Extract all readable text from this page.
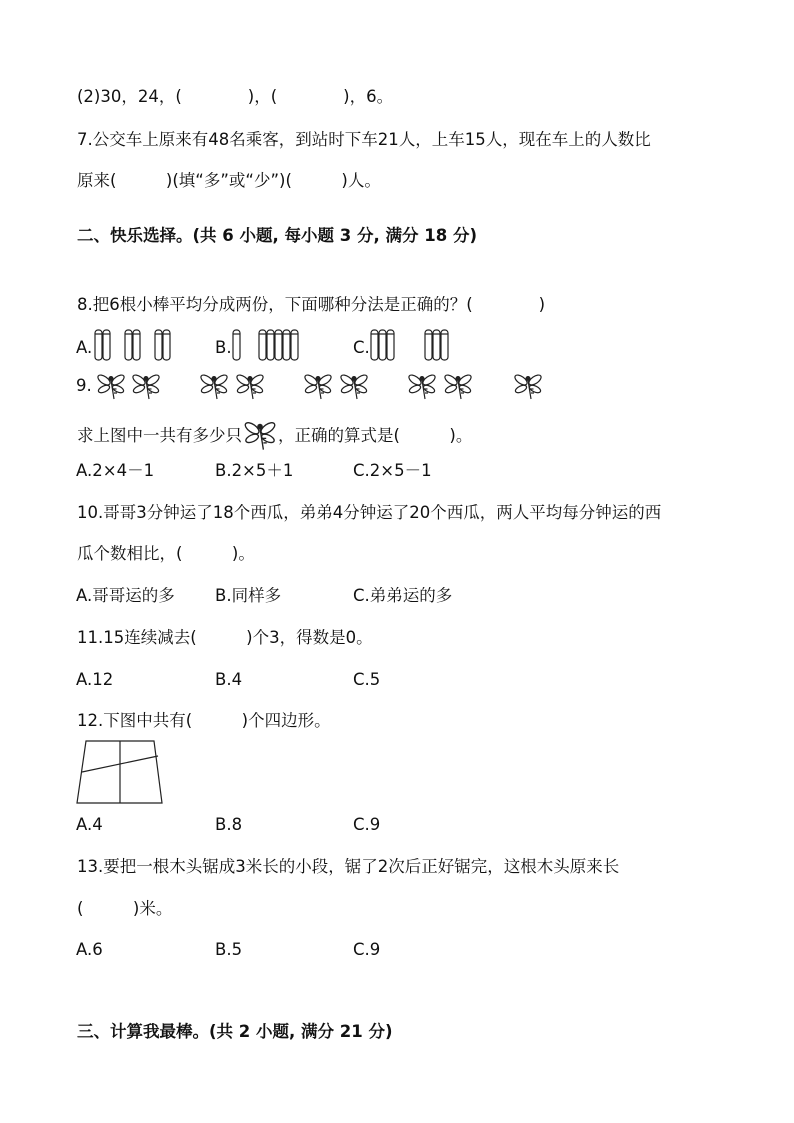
(2)30，24，(　　　　)，(　　　　)，6。
7.公交车上原来有48名乘客，到站时下车21人，上车15人，现在车上的人数比
原来(　　　)(填“多”或“少”)(　　　)人。
二、快乐选择。(共 6 小题, 每小题 3 分, 满分 18 分)
8.把6根小棒平均分成两份，下面哪种分法是正确的？(　　　　)
A.	B.	C.
9.
求上图中一共有多少只 ，正确的算式是(　　　)。
A.2×4－1	B.2×5＋1	C.2×5－1
10.哥哥3分钟运了18个西瓜，弟弟4分钟运了20个西瓜，两人平均每分钟运的西
瓜个数相比，(　　　)。
A.哥哥运的多 B.同样多	C.弟弟运的多
11.15连续减去(　　　)个3，得数是0。
A.12	B.4	C.5
12.下图中共有(　　　)个四边形。
A.4	B.8	C.9
13.要把一根木头锯成3米长的小段，锯了2次后正好锯完，这根木头原来长
(　　　)米。
A.6	B.5	C.9
三、计算我最棒。(共 2 小题, 满分 21 分)
